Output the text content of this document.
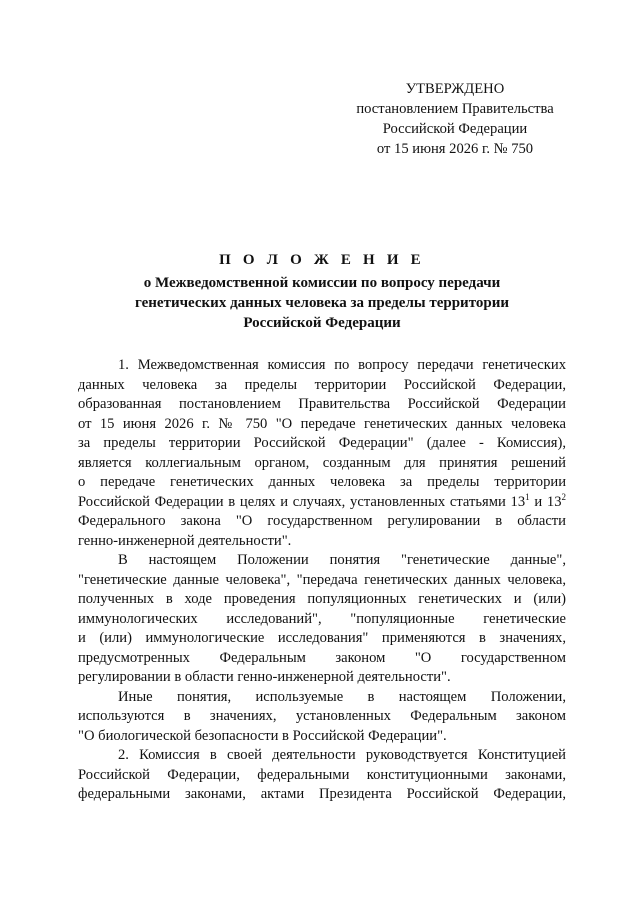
УТВЕРЖДЕНО
постановлением Правительства
Российской Федерации
от 15 июня 2026 г. № 750
П О Л О Ж Е Н И Е
о Межведомственной комиссии по вопросу передачи
генетических данных человека за пределы территории
Российской Федерации
1. Межведомственная комиссия по вопросу передачи генетических
данных человека за пределы территории Российской Федерации,
образованная постановлением Правительства Российской Федерации
от 15 июня 2026 г. № 750 "О передаче генетических данных человека
за пределы территории Российской Федерации" (далее - Комиссия),
является коллегиальным органом, созданным для принятия решений
о передаче генетических данных человека за пределы территории
Российской Федерации в целях и случаях, установленных статьями $13^1$ и $13^2$
Федерального закона "О государственном регулировании в области
генно-инженерной деятельности".
В настоящем Положении понятия "генетические данные",
"генетические данные человека", "передача генетических данных человека,
полученных в ходе проведения популяционных генетических и (или)
иммунологических исследований", "популяционные генетические
и (или) иммунологические исследования" применяются в значениях,
предусмотренных Федеральным законом "О государственном
регулировании в области генно-инженерной деятельности".
Иные понятия, используемые в настоящем Положении,
используются в значениях, установленных Федеральным законом
"О биологической безопасности в Российской Федерации".
2. Комиссия в своей деятельности руководствуется Конституцией
Российской Федерации, федеральными конституционными законами,
федеральными законами, актами Президента Российской Федерации,
